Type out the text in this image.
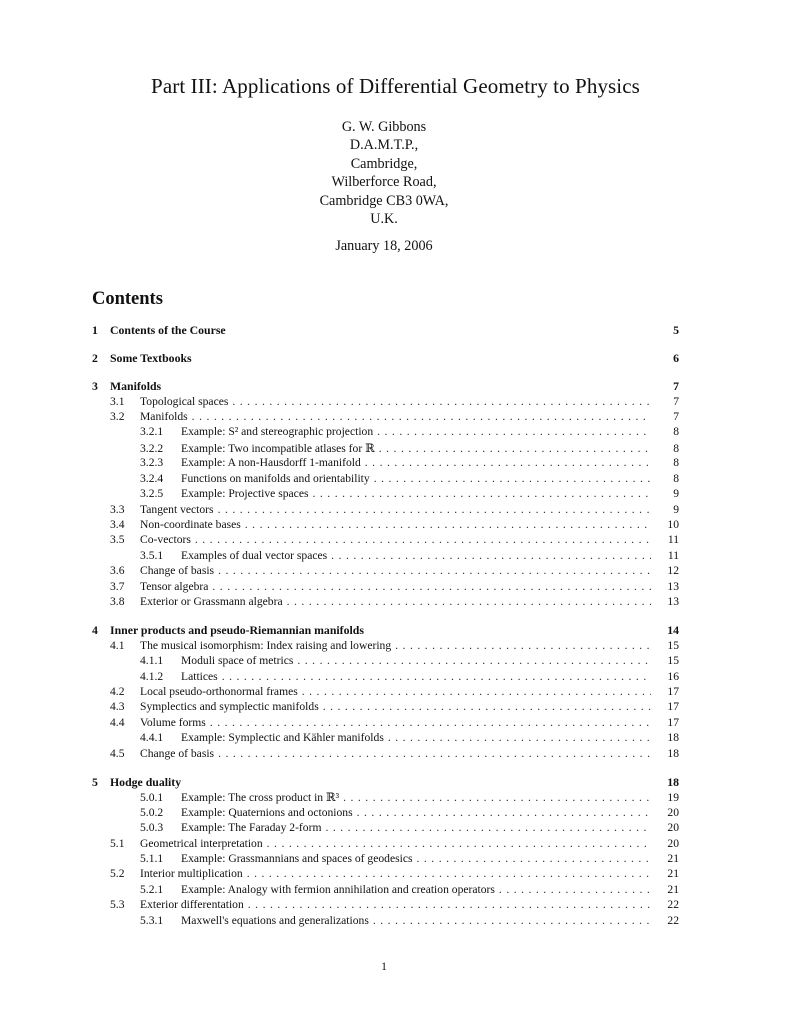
Part III: Applications of Differential Geometry to Physics
G. W. Gibbons
D.A.M.T.P.,
Cambridge,
Wilberforce Road,
Cambridge CB3 0WA,
U.K.
January 18, 2006
Contents
1	Contents of the Course	5
2	Some Textbooks	6
3	Manifolds	7
3.1	Topological spaces . . .	7
3.2	Manifolds . . .	7
3.2.1	Example: S² and stereographic projection . . .	8
3.2.2	Example: Two incompatible atlases for ℝ . . .	8
3.2.3	Example: A non-Hausdorff 1-manifold . . .	8
3.2.4	Functions on manifolds and orientability . . .	8
3.2.5	Example: Projective spaces . . .	9
3.3	Tangent vectors . . .	9
3.4	Non-coordinate bases . . .	10
3.5	Co-vectors . . .	11
3.5.1	Examples of dual vector spaces . . .	11
3.6	Change of basis . . .	12
3.7	Tensor algebra . . .	13
3.8	Exterior or Grassmann algebra . . .	13
4	Inner products and pseudo-Riemannian manifolds	14
4.1	The musical isomorphism: Index raising and lowering . . .	15
4.1.1	Moduli space of metrics . . .	15
4.1.2	Lattices . . .	16
4.2	Local pseudo-orthonormal frames . . .	17
4.3	Symplectics and symplectic manifolds . . .	17
4.4	Volume forms . . .	17
4.4.1	Example: Symplectic and Kähler manifolds . . .	18
4.5	Change of basis . . .	18
5	Hodge duality	18
5.0.1	Example: The cross product in ℝ³ . . .	19
5.0.2	Example: Quaternions and octonions . . .	20
5.0.3	Example: The Faraday 2-form . . .	20
5.1	Geometrical interpretation . . .	20
5.1.1	Example: Grassmannians and spaces of geodesics . . .	21
5.2	Interior multiplication . . .	21
5.2.1	Example: Analogy with fermion annihilation and creation operators . . .	21
5.3	Exterior differentation . . .	22
5.3.1	Maxwell's equations and generalizations . . .	22
1
